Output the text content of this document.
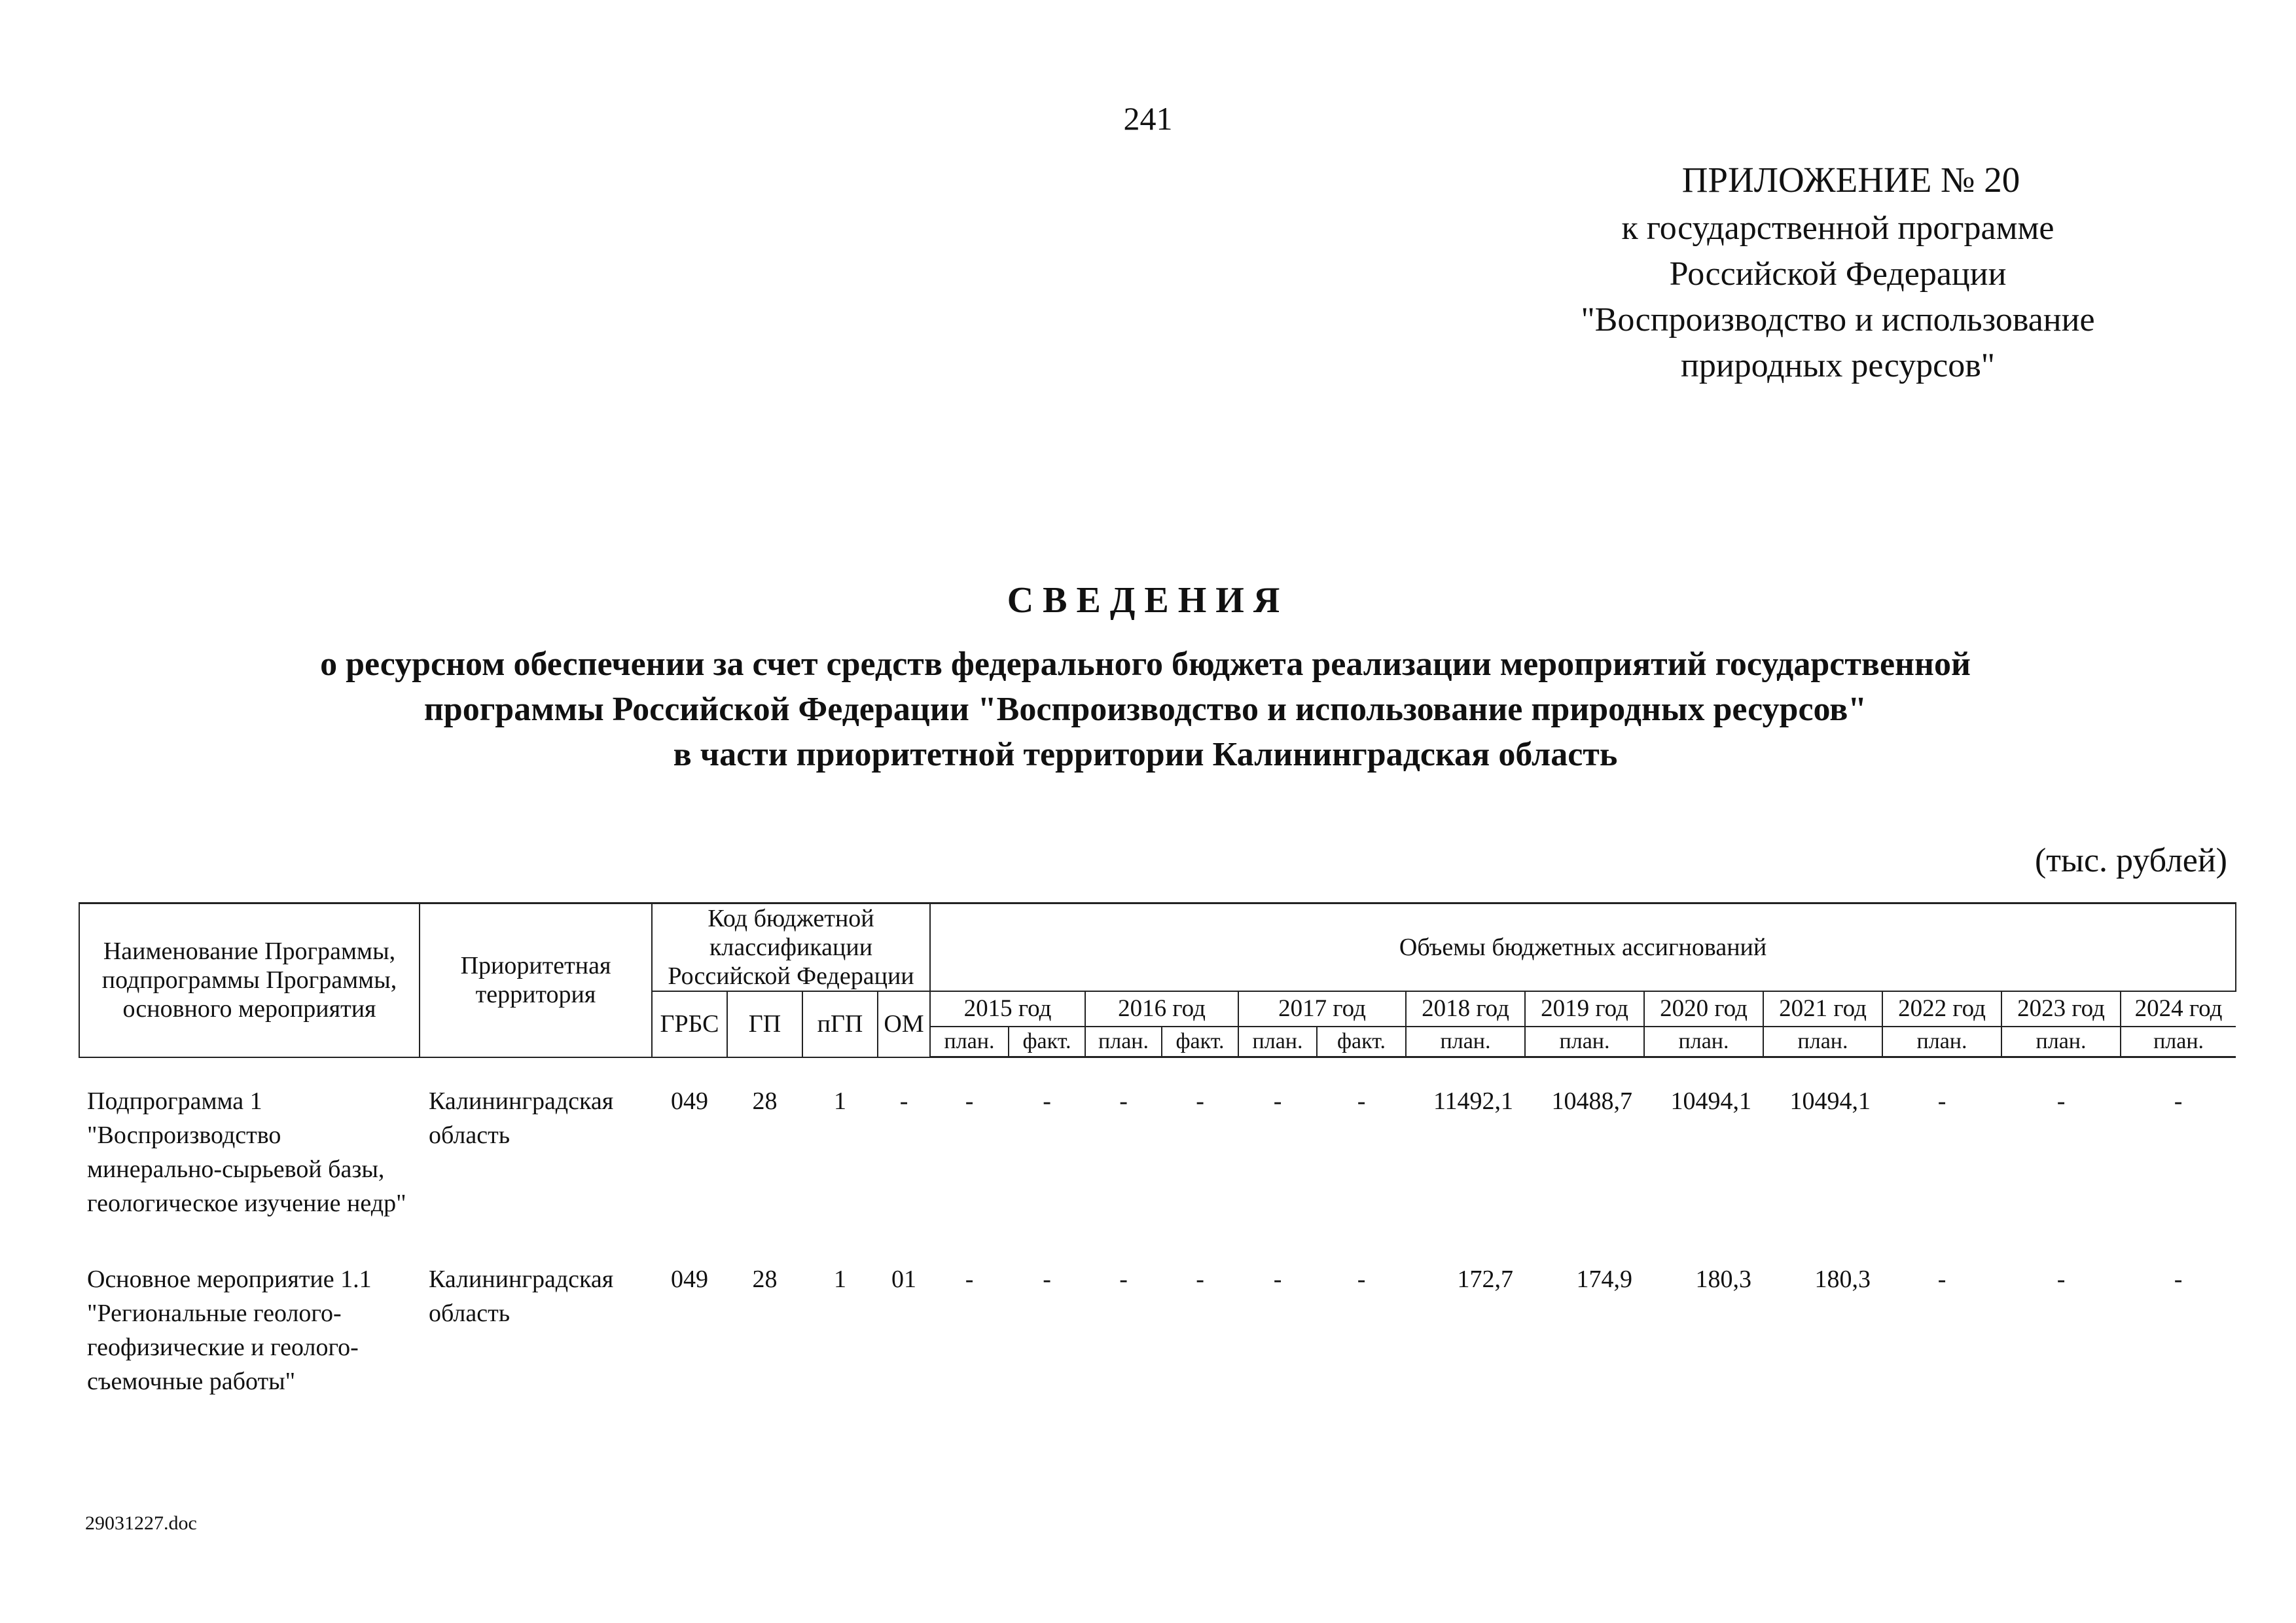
241
ПРИЛОЖЕНИЕ № 20
к государственной программе
Российской Федерации
"Воспроизводство и использование
природных ресурсов"
СВЕДЕНИЯ
о ресурсном обеспечении за счет средств федерального бюджета реализации мероприятий государственной
программы Российской Федерации "Воспроизводство и использование природных ресурсов"
в части приоритетной территории Калининградская область
(тыс. рублей)
Наименование Программы, подпрограммы Программы, основного мероприятия	Приоритетная территория	Код бюджетной классификации Российской Федерации				Объемы бюджетных ассигнований												
		ГРБС	ГП	пГП	ОМ	2015 год		2016 год		2017 год		2018 год	2019 год	2020 год	2021 год	2022 год	2023 год	2024 год
						план.	факт.	план.	факт.	план.	факт.	план.	план.	план.	план.	план.	план.	план.

Подпрограмма 1 "Воспроизводство минерально-сырьевой базы, геологическое изучение недр"	Калининградская область	049	28	1	-	-	-	-	-	-	-	11492,1	10488,7	10494,1	10494,1	-	-	-
Основное мероприятие 1.1 "Региональные геолого-геофизические и геолого-съемочные работы"	Калининградская область	049	28	1	01	-	-	-	-	-	-	172,7	174,9	180,3	180,3	-	-	-
29031227.doc
